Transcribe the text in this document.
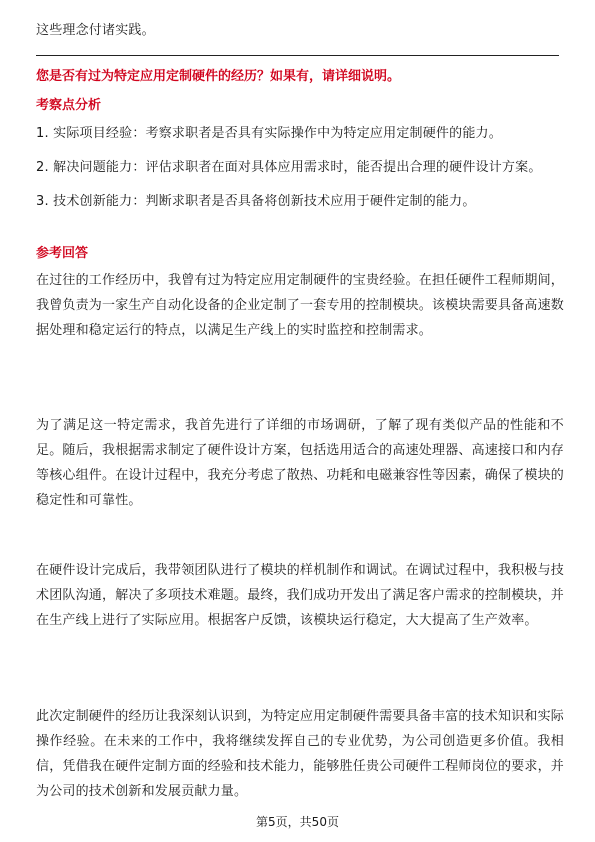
这些理念付诸实践。

您是否有过为特定应用定制硬件的经历？如果有，请详细说明。

考察点分析

1. 实际项目经验：考察求职者是否具有实际操作中为特定应用定制硬件的能力。
2. 解决问题能力：评估求职者在面对具体应用需求时，能否提出合理的硬件设计方案。
3. 技术创新能力：判断求职者是否具备将创新技术应用于硬件定制的能力。

参考回答

在过往的工作经历中，我曾有过为特定应用定制硬件的宝贵经验。在担任硬件工程师期间，我曾负责为一家生产自动化设备的企业定制了一套专用的控制模块。该模块需要具备高速数据处理和稳定运行的特点，以满足生产线上的实时监控和控制需求。

为了满足这一特定需求，我首先进行了详细的市场调研，了解了现有类似产品的性能和不足。随后，我根据需求制定了硬件设计方案，包括选用适合的高速处理器、高速接口和内存等核心组件。在设计过程中，我充分考虑了散热、功耗和电磁兼容性等因素，确保了模块的稳定性和可靠性。

在硬件设计完成后，我带领团队进行了模块的样机制作和调试。在调试过程中，我积极与技术团队沟通，解决了多项技术难题。最终，我们成功开发出了满足客户需求的控制模块，并在生产线上进行了实际应用。根据客户反馈，该模块运行稳定，大大提高了生产效率。

此次定制硬件的经历让我深刻认识到，为特定应用定制硬件需要具备丰富的技术知识和实际操作经验。在未来的工作中，我将继续发挥自己的专业优势，为公司创造更多价值。我相信，凭借我在硬件定制方面的经验和技术能力，能够胜任贵公司硬件工程师岗位的要求，并为公司的技术创新和发展贡献力量。

第5页，共50页
